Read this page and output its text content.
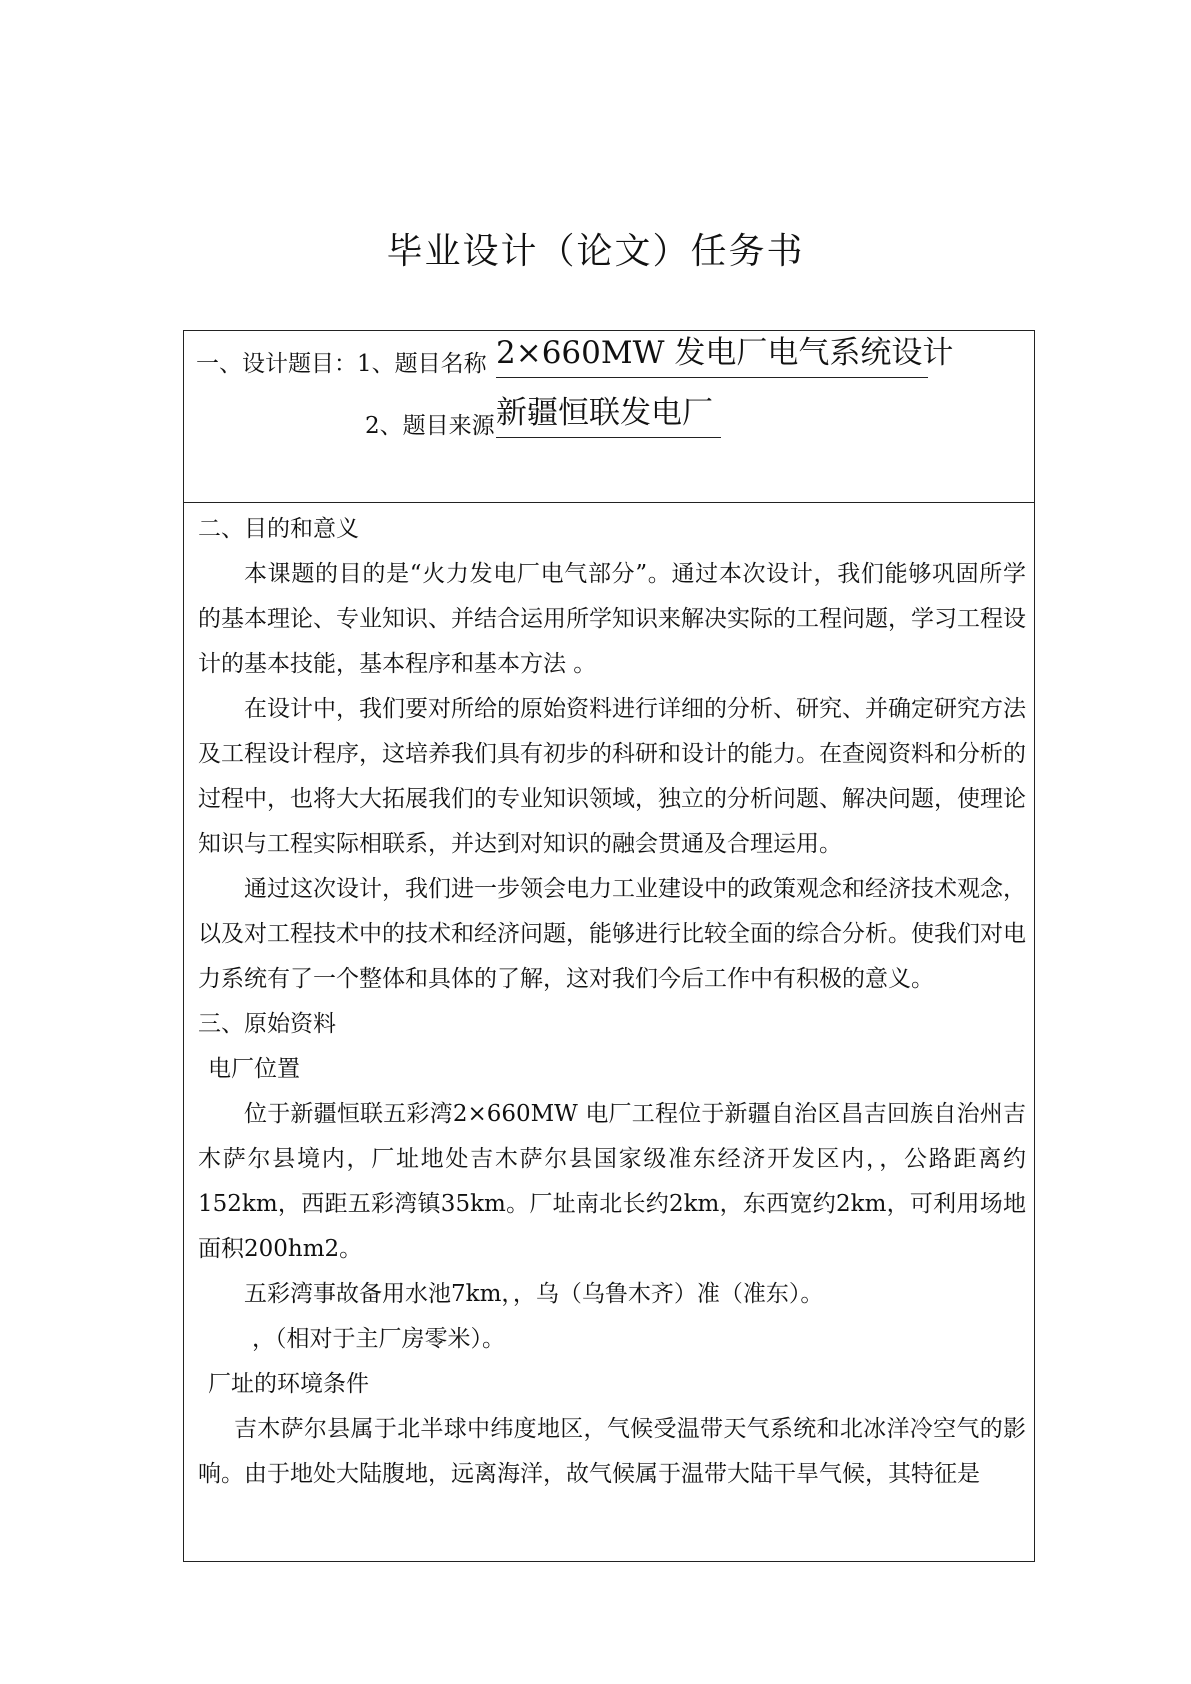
毕业设计（论文）任务书
一、设计题目：1、题目名称 2×660MW 发电厂电气系统设计
2、题目来源 新疆恒联发电厂

二、目的和意义

本课题的目的是“火力发电厂电气部分”。通过本次设计，我们能够巩固所学的基本理论、专业知识、并结合运用所学知识来解决实际的工程问题，学习工程设计的基本技能，基本程序和基本方法 。

在设计中，我们要对所给的原始资料进行详细的分析、研究、并确定研究方法及工程设计程序，这培养我们具有初步的科研和设计的能力。在查阅资料和分析的过程中，也将大大拓展我们的专业知识领域，独立的分析问题、解决问题，使理论知识与工程实际相联系，并达到对知识的融会贯通及合理运用。

通过这次设计，我们进一步领会电力工业建设中的政策观念和经济技术观念，以及对工程技术中的技术和经济问题，能够进行比较全面的综合分析。使我们对电力系统有了一个整体和具体的了解，这对我们今后工作中有积极的意义。

三、原始资料

电厂位置

位于新疆恒联五彩湾2×660MW 电厂工程位于新疆自治区昌吉回族自治州吉木萨尔县境内，厂址地处吉木萨尔县国家级准东经济开发区内，，公路距离约152km，西距五彩湾镇35km。厂址南北长约2km，东西宽约2km，可利用场地面积200hm2。

五彩湾事故备用水池7km，，乌（乌鲁木齐）准（准东）。

，（相对于主厂房零米）。

厂址的环境条件

吉木萨尔县属于北半球中纬度地区，气候受温带天气系统和北冰洋冷空气的影响。由于地处大陆腹地，远离海洋，故气候属于温带大陆干旱气候，其特征是
